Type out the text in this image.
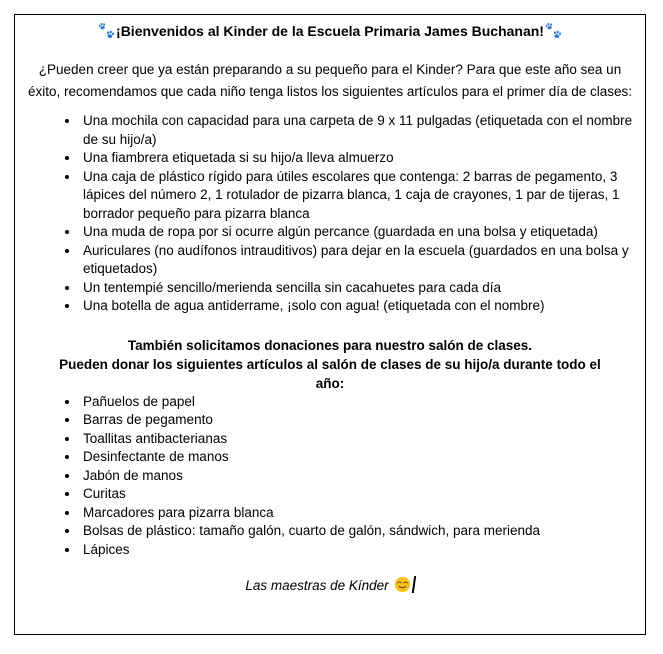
¡Bienvenidos al Kinder de la Escuela Primaria James Buchanan!

¿Pueden creer que ya están preparando a su pequeño para el Kinder? Para que este año sea un éxito, recomendamos que cada niño tenga listos los siguientes artículos para el primer día de clases:

• Una mochila con capacidad para una carpeta de 9 x 11 pulgadas (etiquetada con el nombre de su hijo/a)
• Una fiambrera etiquetada si su hijo/a lleva almuerzo
• Una caja de plástico rígido para útiles escolares que contenga: 2 barras de pegamento, 3 lápices del número 2, 1 rotulador de pizarra blanca, 1 caja de crayones, 1 par de tijeras, 1 borrador pequeño para pizarra blanca
• Una muda de ropa por si ocurre algún percance (guardada en una bolsa y etiquetada)
• Auriculares (no audífonos intrauditivos) para dejar en la escuela (guardados en una bolsa y etiquetados)
• Un tentempié sencillo/merienda sencilla sin cacahuetes para cada día
• Una botella de agua antiderrame, ¡solo con agua! (etiquetada con el nombre)

También solicitamos donaciones para nuestro salón de clases.
Pueden donar los siguientes artículos al salón de clases de su hijo/a durante todo el año:

• Pañuelos de papel
• Barras de pegamento
• Toallitas antibacterianas
• Desinfectante de manos
• Jabón de manos
• Curitas
• Marcadores para pizarra blanca
• Bolsas de plástico: tamaño galón, cuarto de galón, sándwich, para merienda
• Lápices

Las maestras de Kínder
